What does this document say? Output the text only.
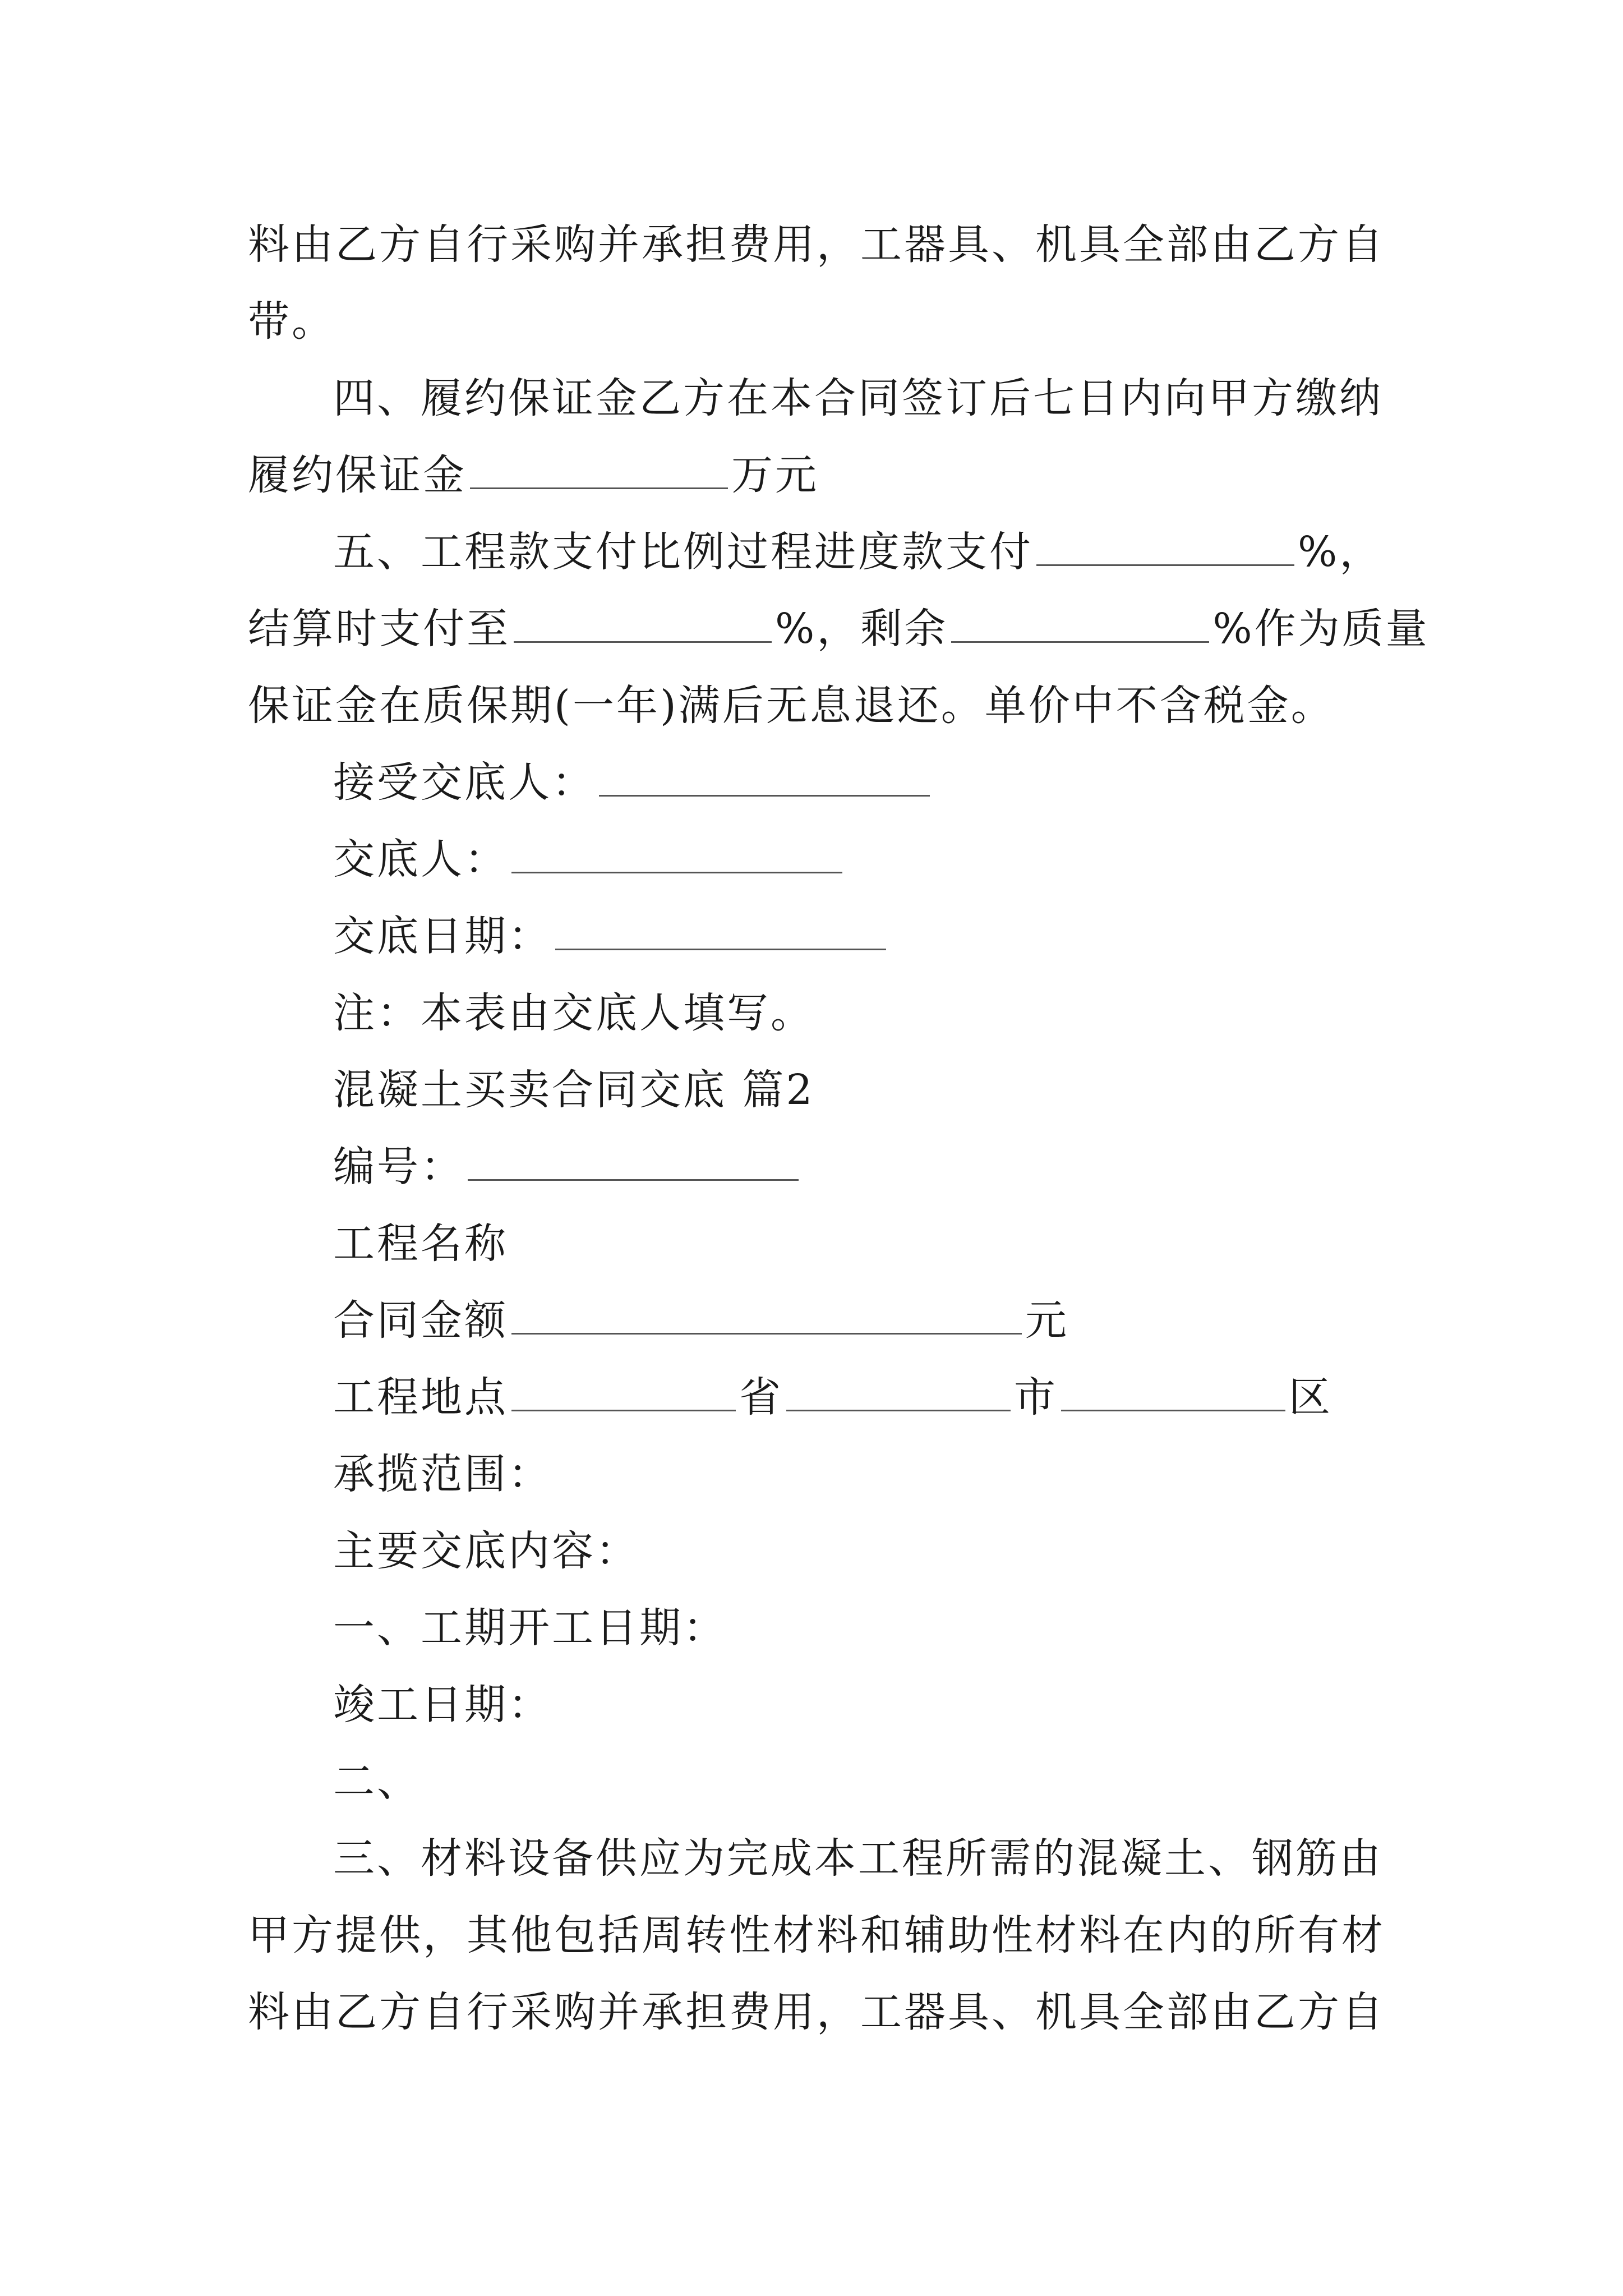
料由乙方自行采购并承担费用，工器具、机具全部由乙方自
带。
四、履约保证金乙方在本合同签订后七日内向甲方缴纳
履约保证金	万元
五、工程款支付比例过程进度款支付	%，
结算时支付至	%，剩余	%作为质量
保证金在质保期(一年)满后无息退还。单价中不含税金。
接受交底人：
交底人：
交底日期：
注：本表由交底人填写。
混凝土买卖合同交底 篇2
编号：
工程名称
合同金额	元
工程地点	省	市	区
承揽范围：
主要交底内容：
一、工期开工日期：
竣工日期：
二、
三、材料设备供应为完成本工程所需的混凝土、钢筋由
甲方提供，其他包括周转性材料和辅助性材料在内的所有材
料由乙方自行采购并承担费用，工器具、机具全部由乙方自
